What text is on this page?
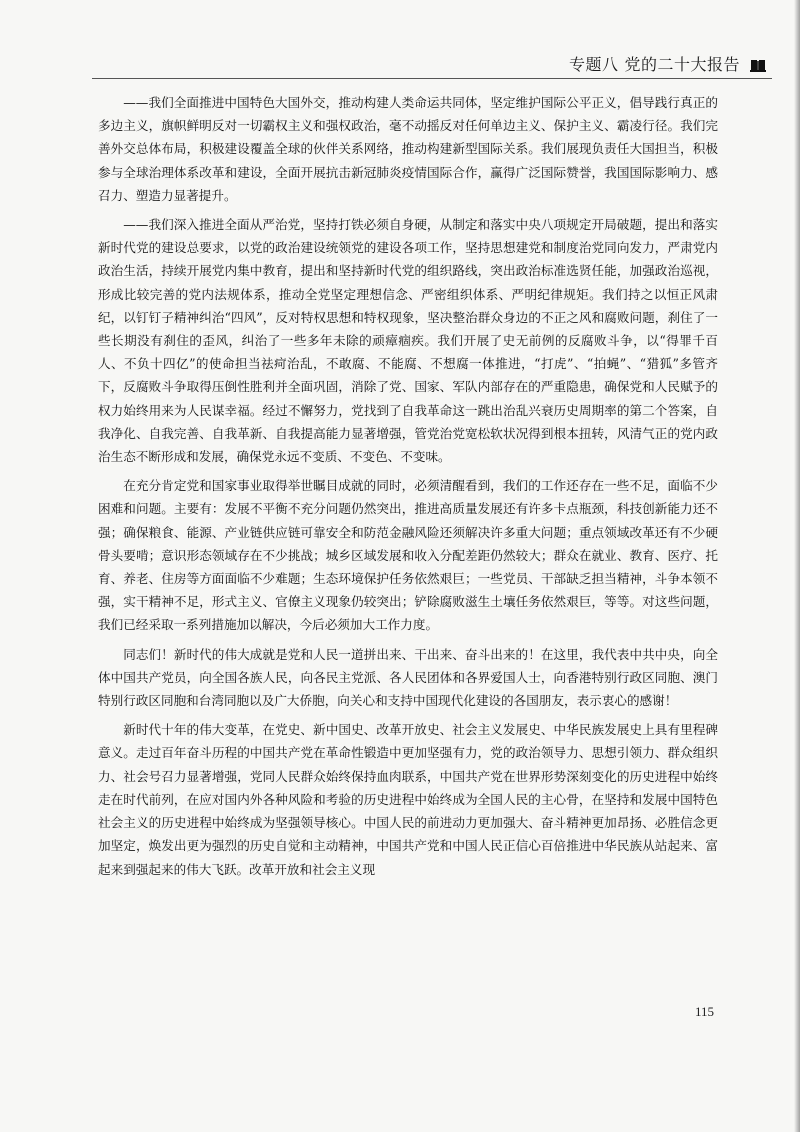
专题八 党的二十大报告

——我们全面推进中国特色大国外交，推动构建人类命运共同体，坚定维护国际公平正义，倡导践行真正的多边主义，旗帜鲜明反对一切霸权主义和强权政治，毫不动摇反对任何单边主义、保护主义、霸凌行径。我们完善外交总体布局，积极建设覆盖全球的伙伴关系网络，推动构建新型国际关系。我们展现负责任大国担当，积极参与全球治理体系改革和建设，全面开展抗击新冠肺炎疫情国际合作，赢得广泛国际赞誉，我国国际影响力、感召力、塑造力显著提升。

——我们深入推进全面从严治党，坚持打铁必须自身硬，从制定和落实中央八项规定开局破题，提出和落实新时代党的建设总要求，以党的政治建设统领党的建设各项工作，坚持思想建党和制度治党同向发力，严肃党内政治生活，持续开展党内集中教育，提出和坚持新时代党的组织路线，突出政治标准选贤任能，加强政治巡视，形成比较完善的党内法规体系，推动全党坚定理想信念、严密组织体系、严明纪律规矩。我们持之以恒正风肃纪，以钉钉子精神纠治“四风”，反对特权思想和特权现象，坚决整治群众身边的不正之风和腐败问题，刹住了一些长期没有刹住的歪风，纠治了一些多年未除的顽瘴痼疾。我们开展了史无前例的反腐败斗争，以“得罪千百人、不负十四亿”的使命担当祛疴治乱，不敢腐、不能腐、不想腐一体推进，“打虎”、“拍蝇”、“猎狐”多管齐下，反腐败斗争取得压倒性胜利并全面巩固，消除了党、国家、军队内部存在的严重隐患，确保党和人民赋予的权力始终用来为人民谋幸福。经过不懈努力，党找到了自我革命这一跳出治乱兴衰历史周期率的第二个答案，自我净化、自我完善、自我革新、自我提高能力显著增强，管党治党宽松软状况得到根本扭转，风清气正的党内政治生态不断形成和发展，确保党永远不变质、不变色、不变味。

在充分肯定党和国家事业取得举世瞩目成就的同时，必须清醒看到，我们的工作还存在一些不足，面临不少困难和问题。主要有：发展不平衡不充分问题仍然突出，推进高质量发展还有许多卡点瓶颈，科技创新能力还不强；确保粮食、能源、产业链供应链可靠安全和防范金融风险还须解决许多重大问题；重点领域改革还有不少硬骨头要啃；意识形态领域存在不少挑战；城乡区域发展和收入分配差距仍然较大；群众在就业、教育、医疗、托育、养老、住房等方面面临不少难题；生态环境保护任务依然艰巨；一些党员、干部缺乏担当精神，斗争本领不强，实干精神不足，形式主义、官僚主义现象仍较突出；铲除腐败滋生土壤任务依然艰巨，等等。对这些问题，我们已经采取一系列措施加以解决，今后必须加大工作力度。

同志们！新时代的伟大成就是党和人民一道拼出来、干出来、奋斗出来的！在这里，我代表中共中央，向全体中国共产党员，向全国各族人民，向各民主党派、各人民团体和各界爱国人士，向香港特别行政区同胞、澳门特别行政区同胞和台湾同胞以及广大侨胞，向关心和支持中国现代化建设的各国朋友，表示衷心的感谢！

新时代十年的伟大变革，在党史、新中国史、改革开放史、社会主义发展史、中华民族发展史上具有里程碑意义。走过百年奋斗历程的中国共产党在革命性锻造中更加坚强有力，党的政治领导力、思想引领力、群众组织力、社会号召力显著增强，党同人民群众始终保持血肉联系，中国共产党在世界形势深刻变化的历史进程中始终走在时代前列，在应对国内外各种风险和考验的历史进程中始终成为全国人民的主心骨，在坚持和发展中国特色社会主义的历史进程中始终成为坚强领导核心。中国人民的前进动力更加强大、奋斗精神更加昂扬、必胜信念更加坚定，焕发出更为强烈的历史自觉和主动精神，中国共产党和中国人民正信心百倍推进中华民族从站起来、富起来到强起来的伟大飞跃。改革开放和社会主义现

115
